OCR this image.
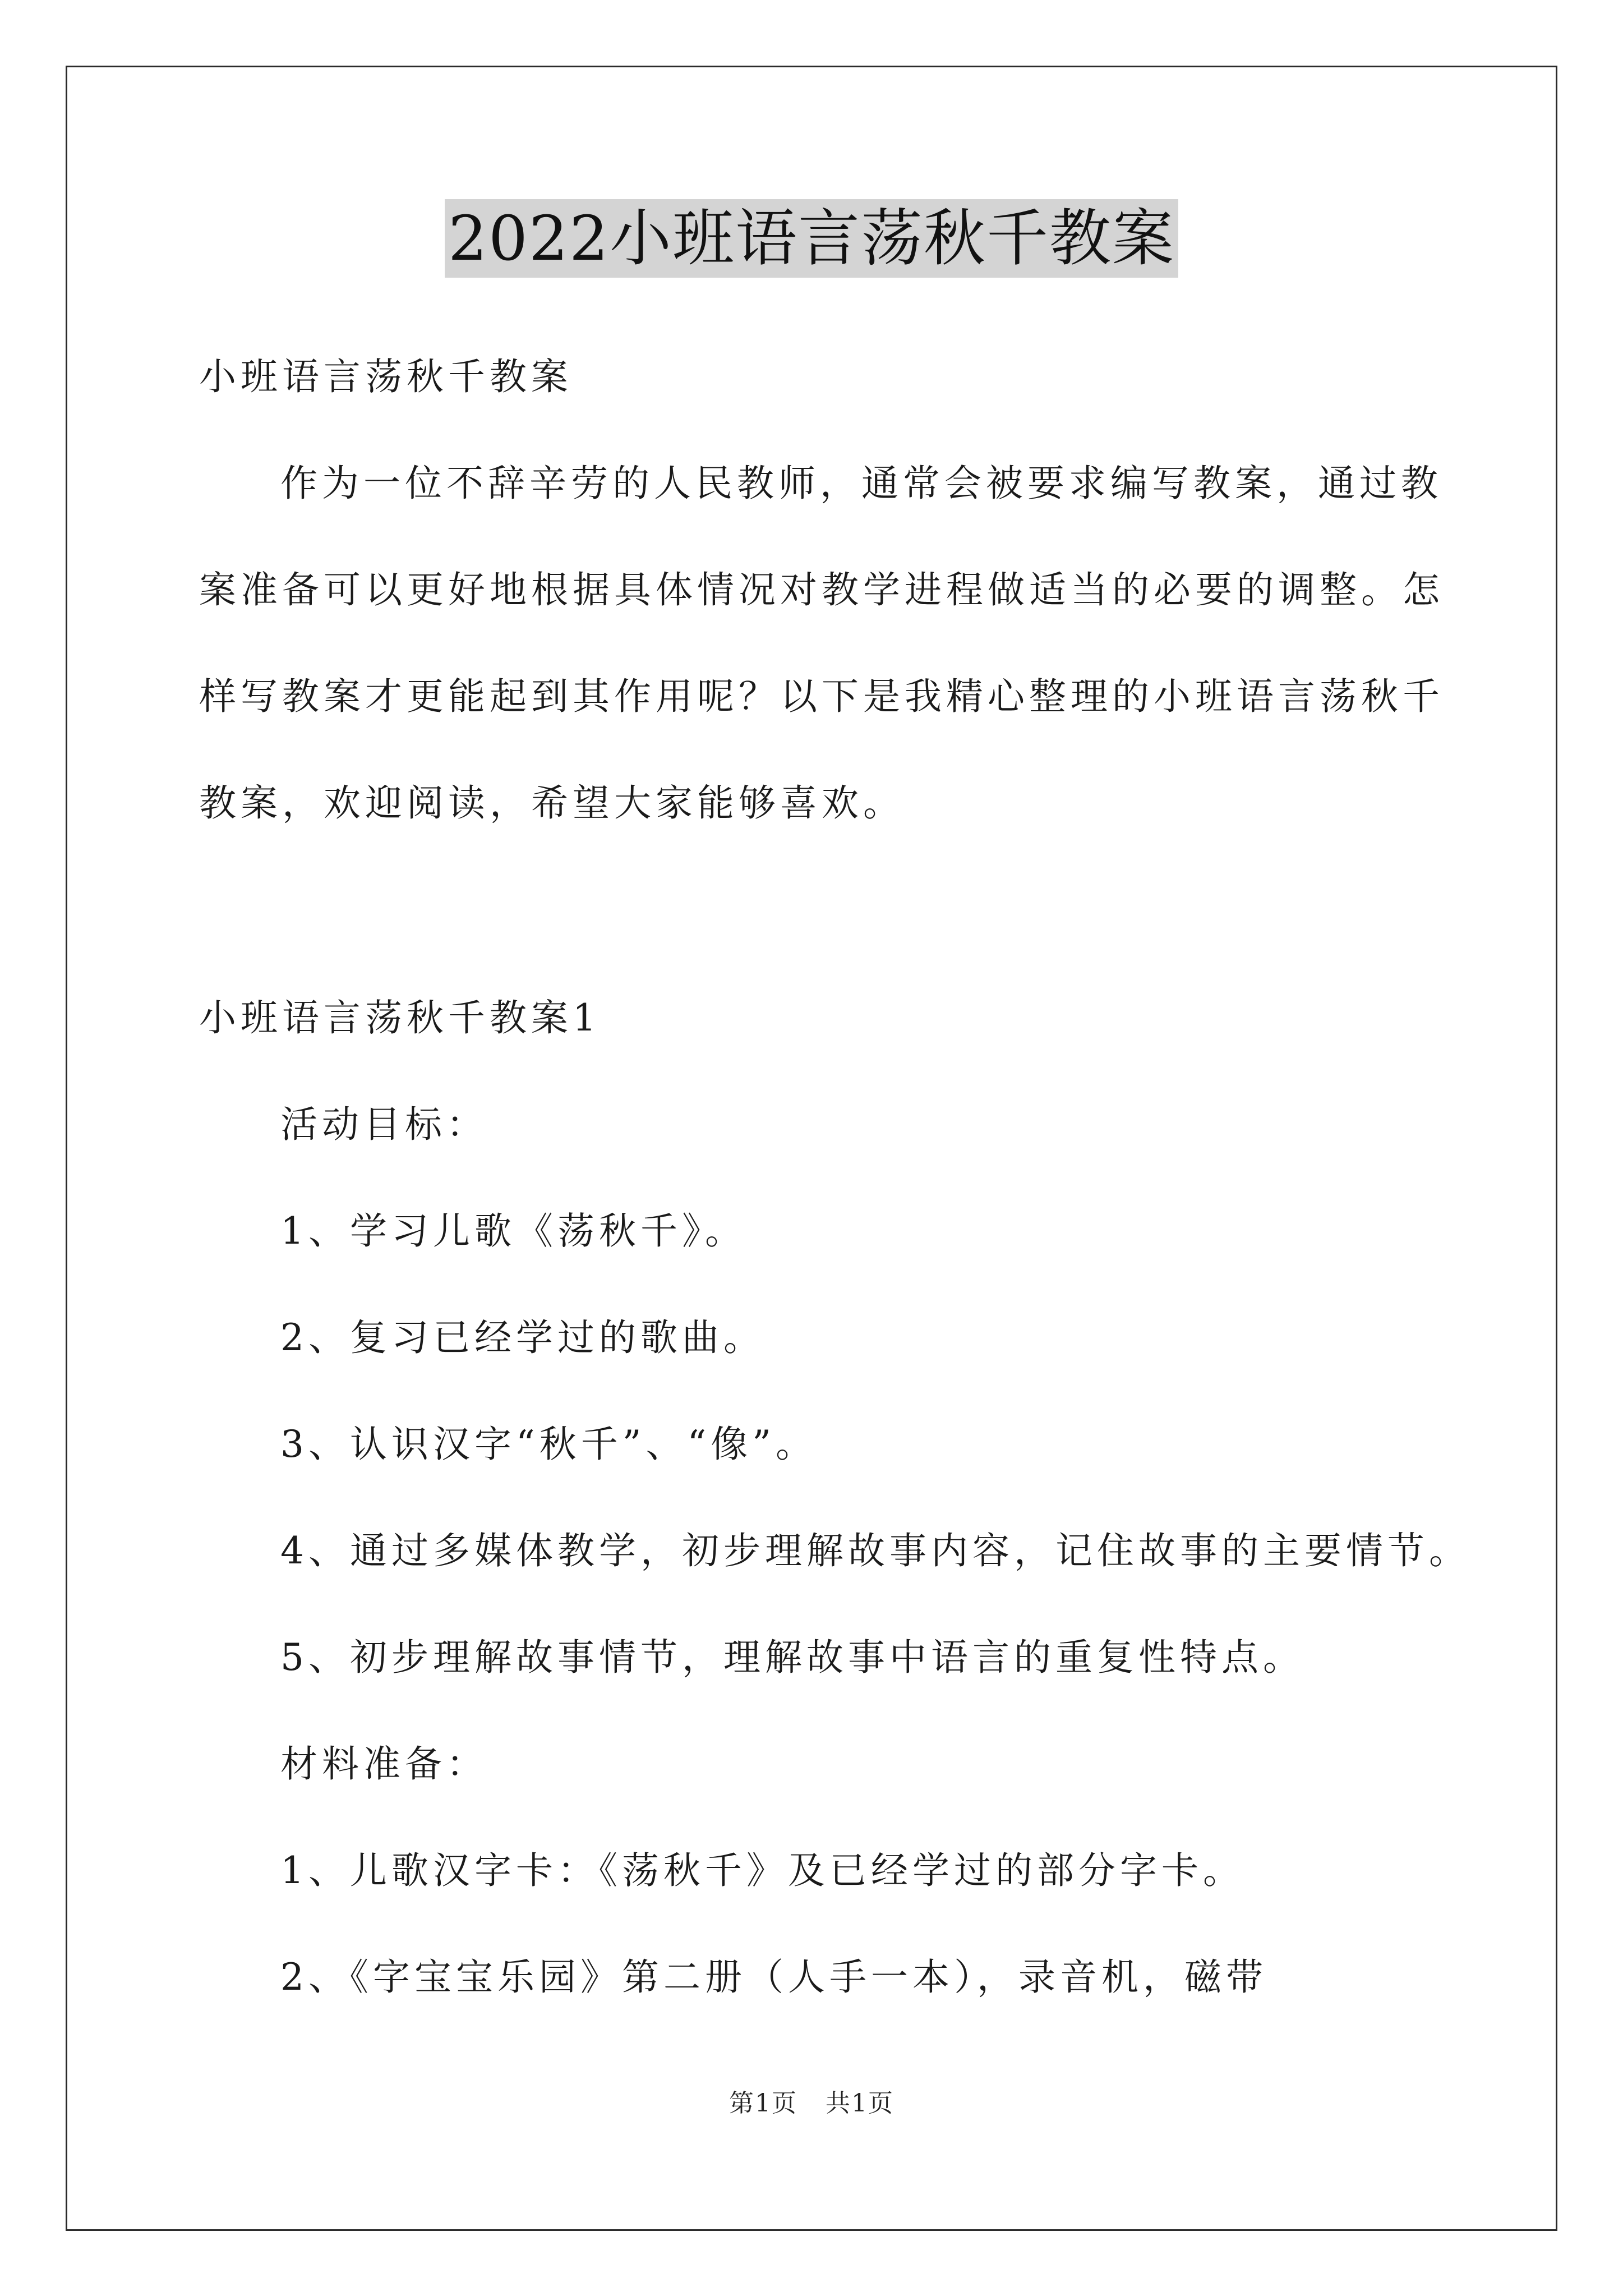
2022小班语言荡秋千教案
小班语言荡秋千教案
作为一位不辞辛劳的人民教师，通常会被要求编写教案，通过教
案准备可以更好地根据具体情况对教学进程做适当的必要的调整。怎
样写教案才更能起到其作用呢？以下是我精心整理的小班语言荡秋千
教案，欢迎阅读，希望大家能够喜欢。
小班语言荡秋千教案1
活动目标：
1、学习儿歌《荡秋千》。
2、复习已经学过的歌曲。
3、认识汉字“秋千”、“像”。
4、通过多媒体教学，初步理解故事内容，记住故事的主要情节。
5、初步理解故事情节，理解故事中语言的重复性特点。
材料准备：
1、儿歌汉字卡：《荡秋千》及已经学过的部分字卡。
2、《字宝宝乐园》第二册（人手一本），录音机，磁带
第1页 共1页
